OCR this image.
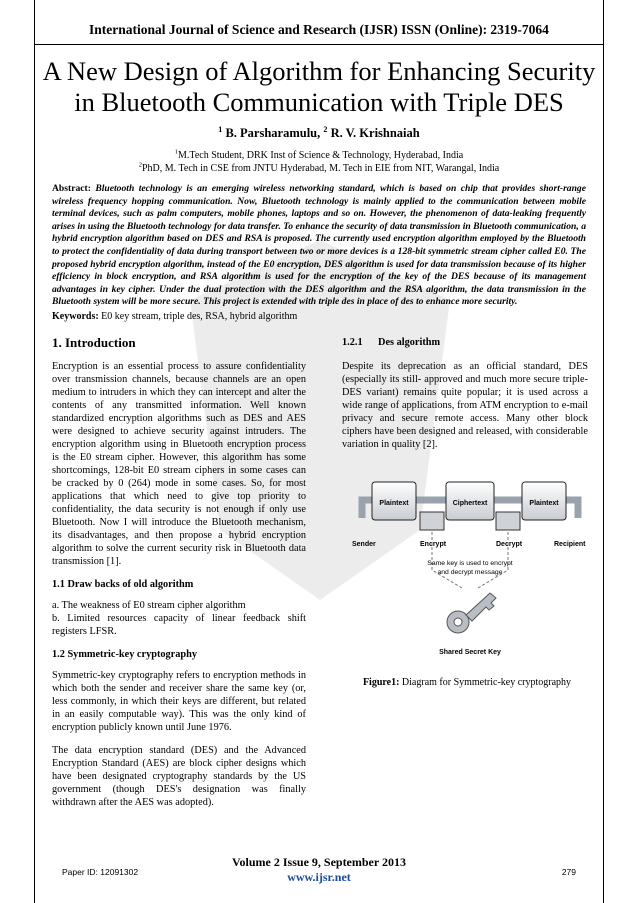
International Journal of Science and Research (IJSR) ISSN (Online): 2319-7064
A New Design of Algorithm for Enhancing Security in Bluetooth Communication with Triple DES
$^1$ B. Parsharamulu, $^2$ R. V. Krishnaiah
$^1$M.Tech Student, DRK Inst of Science & Technology, Hyderabad, India
$^2$PhD, M. Tech in CSE from JNTU Hyderabad, M. Tech in EIE from NIT, Warangal, India
Abstract: Bluetooth technology is an emerging wireless networking standard, which is based on chip that provides short-range wireless frequency hopping communication. Now, Bluetooth technology is mainly applied to the communication between mobile terminal devices, such as palm computers, mobile phones, laptops and so on. However, the phenomenon of data-leaking frequently arises in using the Bluetooth technology for data transfer. To enhance the security of data transmission in Bluetooth communication, a hybrid encryption algorithm based on DES and RSA is proposed. The currently used encryption algorithm employed by the Bluetooth to protect the confidentiality of data during transport between two or more devices is a 128-bit symmetric stream cipher called E0. The proposed hybrid encryption algorithm, instead of the E0 encryption, DES algorithm is used for data transmission because of its higher efficiency in block encryption, and RSA algorithm is used for the encryption of the key of the DES because of its management advantages in key cipher. Under the dual protection with the DES algorithm and the RSA algorithm, the data transmission in the Bluetooth system will be more secure. This project is extended with triple des in place of des to enhance more security.
Keywords: E0 key stream, triple des, RSA, hybrid algorithm
1. Introduction

Encryption is an essential process to assure confidentiality over transmission channels, because channels are an open medium to intruders in which they can intercept and alter the contents of any transmitted information. Well known standardized encryption algorithms such as DES and AES were designed to achieve security against intruders. The encryption algorithm using in Bluetooth encryption process is the E0 stream cipher. However, this algorithm has some shortcomings, 128-bit E0 stream ciphers in some cases can be cracked by 0 (264) mode in some cases. So, for most applications that which need to give top priority to confidentiality, the data security is not enough if only use Bluetooth. Now I will introduce the Bluetooth mechanism, its disadvantages, and then propose a hybrid encryption algorithm to solve the current security risk in Bluetooth data transmission [1].

1.1 Draw backs of old algorithm

a. The weakness of E0 stream cipher algorithm

b. Limited resources capacity of linear feedback shift registers LFSR.

1.2 Symmetric-key cryptography

Symmetric-key cryptography refers to encryption methods in which both the sender and receiver share the same key (or, less commonly, in which their keys are different, but related in an easily computable way). This was the only kind of encryption publicly known until June 1976.

The data encryption standard (DES) and the Advanced Encryption Standard (AES) are block cipher designs which have been designated cryptography standards by the US government (though DES's designation was finally withdrawn after the AES was adopted).

1.2.1      Des algorithm

Despite its deprecation as an official standard, DES (especially its still- approved and much more secure triple-DES variant) remains quite popular; it is used across a wide range of applications, from ATM encryption to e-mail privacy and secure remote access. Many other block ciphers have been designed and released, with considerable variation in quality [2].

Plaintext	Ciphertext	Plaintext
Sender	Encrypt	Decrypt	Recipient
Same key is used to encrypt
and decrypt message
Shared Secret Key
Figure1: Diagram for Symmetric-key cryptography
Volume 2 Issue 9, September 2013
www.ijsr.net
Paper ID: 12091302	279
